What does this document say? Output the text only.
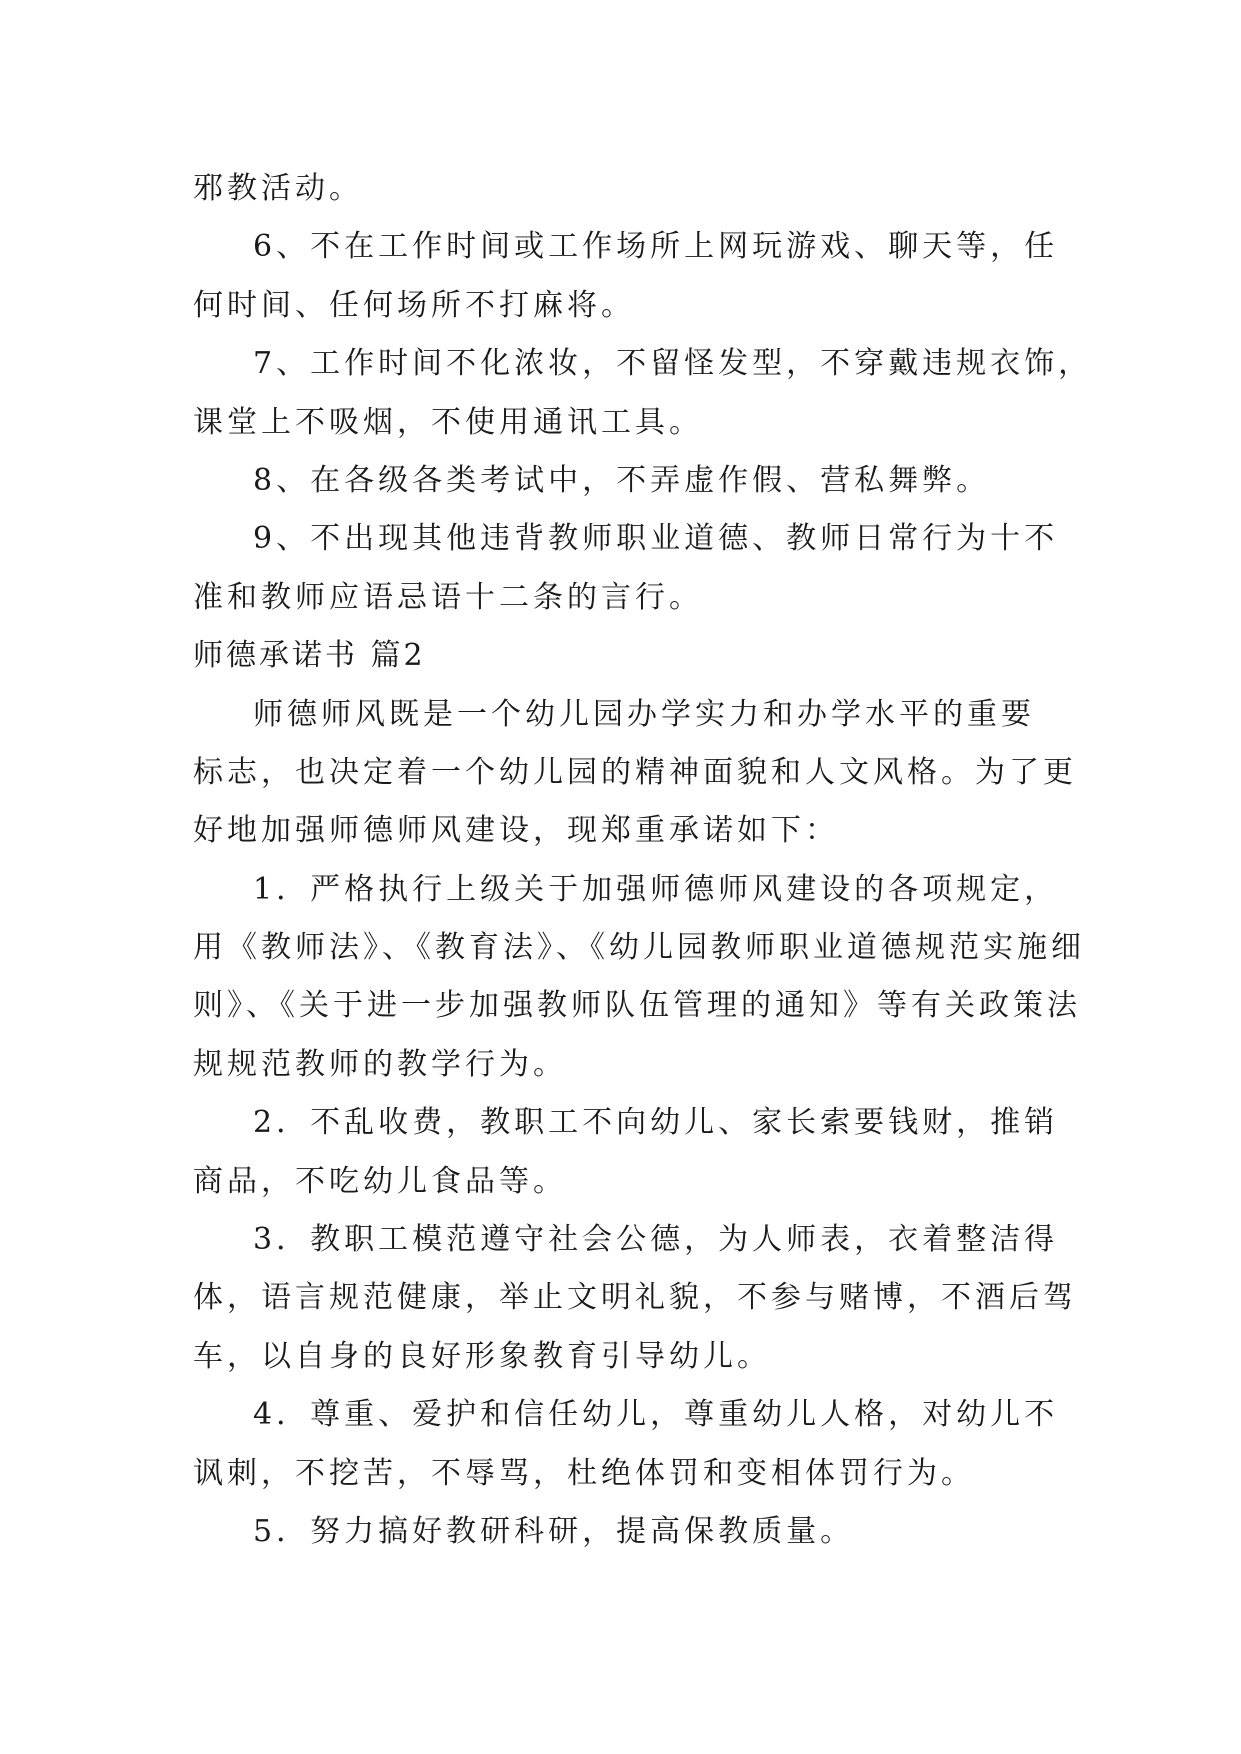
邪教活动。

6、不在工作时间或工作场所上网玩游戏、聊天等，任

何时间、任何场所不打麻将。

7、工作时间不化浓妆，不留怪发型，不穿戴违规衣饰，

课堂上不吸烟，不使用通讯工具。

8、在各级各类考试中，不弄虚作假、营私舞弊。

9、不出现其他违背教师职业道德、教师日常行为十不

准和教师应语忌语十二条的言行。

师德承诺书 篇2

师德师风既是一个幼儿园办学实力和办学水平的重要

标志，也决定着一个幼儿园的精神面貌和人文风格。为了更

好地加强师德师风建设，现郑重承诺如下：

1．严格执行上级关于加强师德师风建设的各项规定，

用《教师法》、《教育法》、《幼儿园教师职业道德规范实施细

则》、《关于进一步加强教师队伍管理的通知》等有关政策法

规规范教师的教学行为。

2．不乱收费，教职工不向幼儿、家长索要钱财，推销

商品，不吃幼儿食品等。

3．教职工模范遵守社会公德，为人师表，衣着整洁得

体，语言规范健康，举止文明礼貌，不参与赌博，不酒后驾

车，以自身的良好形象教育引导幼儿。

4．尊重、爱护和信任幼儿，尊重幼儿人格，对幼儿不

讽刺，不挖苦，不辱骂，杜绝体罚和变相体罚行为。

5．努力搞好教研科研，提高保教质量。
